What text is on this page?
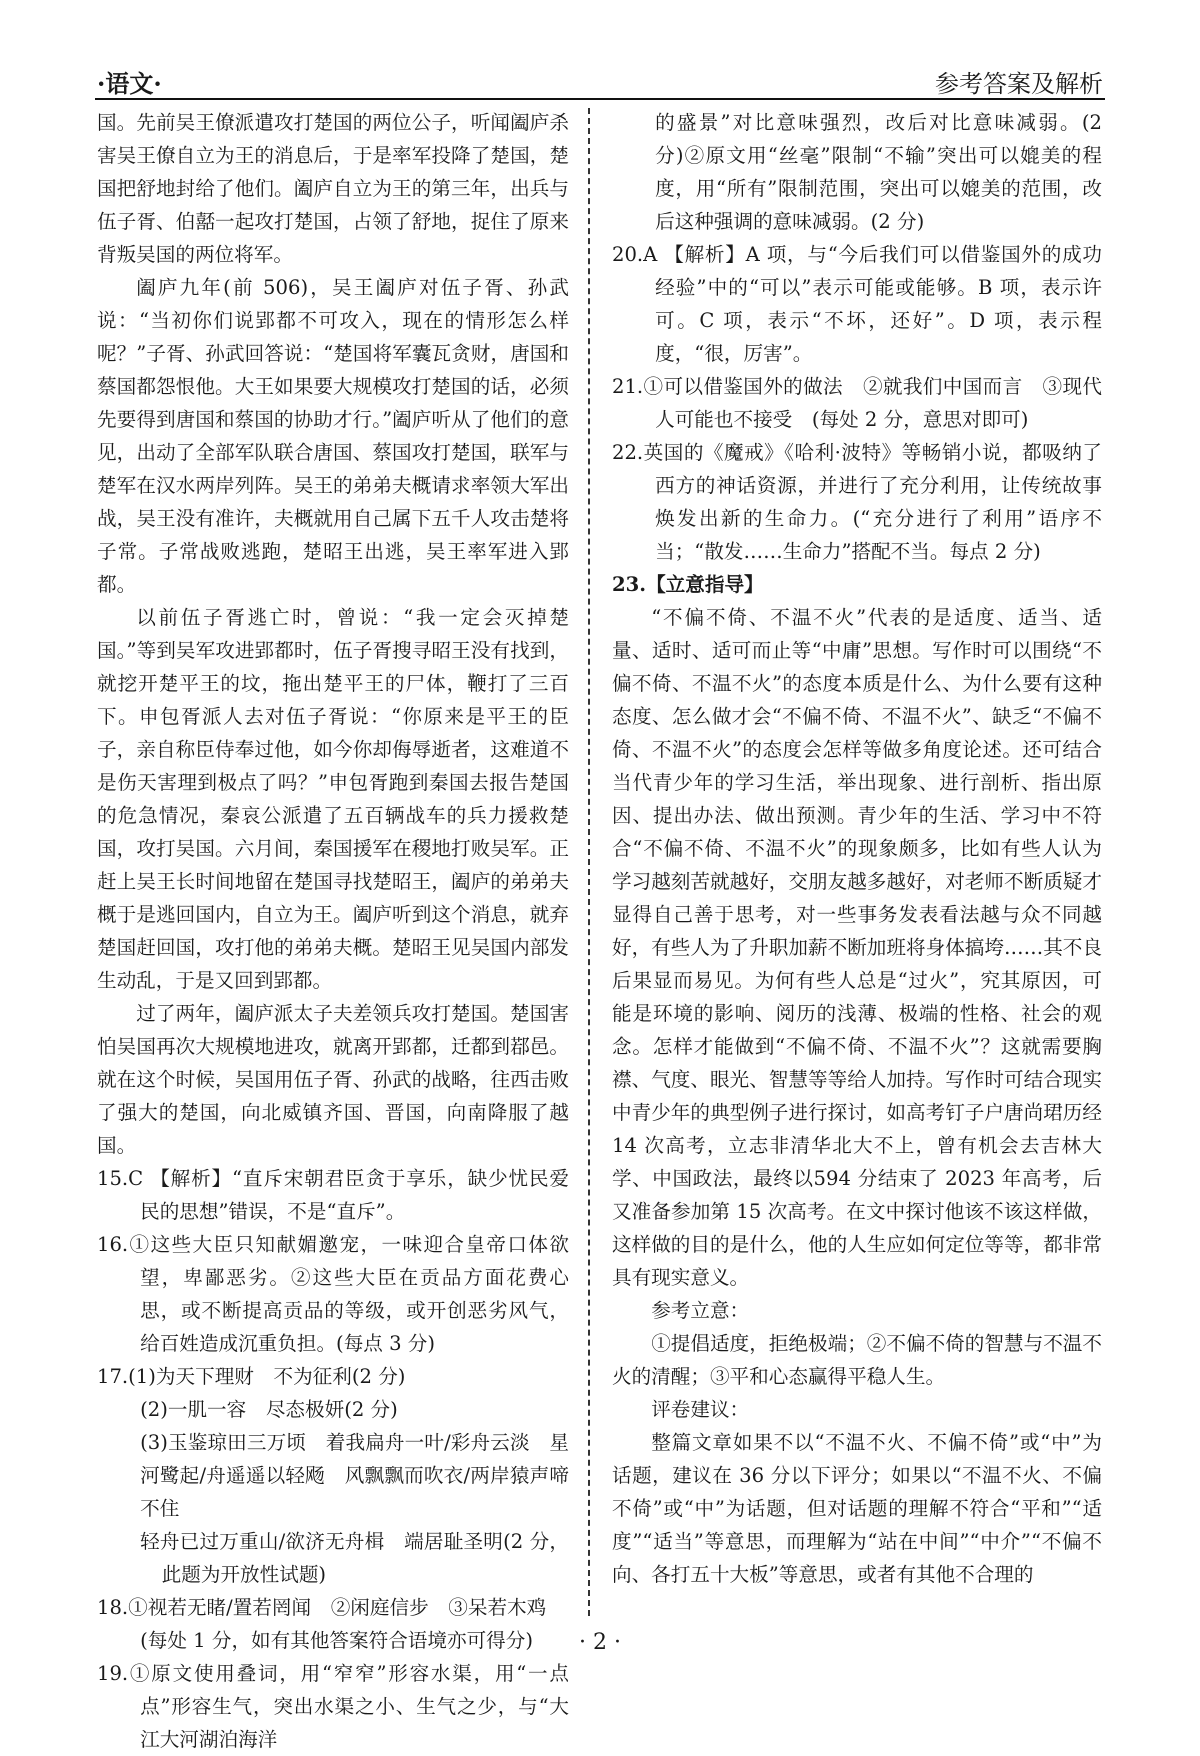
·语文·	参考答案及解析

国。先前吴王僚派遣攻打楚国的两位公子，听闻阖庐杀害吴王僚自立为王的消息后，于是率军投降了楚国，楚国把舒地封给了他们。阖庐自立为王的第三年，出兵与伍子胥、伯嚭一起攻打楚国，占领了舒地，捉住了原来背叛吴国的两位将军。

阖庐九年(前 506)，吴王阖庐对伍子胥、孙武说：“当初你们说郢都不可攻入，现在的情形怎么样呢？”子胥、孙武回答说：“楚国将军囊瓦贪财，唐国和蔡国都怨恨他。大王如果要大规模攻打楚国的话，必须先要得到唐国和蔡国的协助才行。”阖庐听从了他们的意见，出动了全部军队联合唐国、蔡国攻打楚国，联军与楚军在汉水两岸列阵。吴王的弟弟夫概请求率领大军出战，吴王没有准许，夫概就用自己属下五千人攻击楚将子常。子常战败逃跑，楚昭王出逃，吴王率军进入郢都。

以前伍子胥逃亡时，曾说：“我一定会灭掉楚国。”等到吴军攻进郢都时，伍子胥搜寻昭王没有找到，就挖开楚平王的坟，拖出楚平王的尸体，鞭打了三百下。申包胥派人去对伍子胥说：“你原来是平王的臣子，亲自称臣侍奉过他，如今你却侮辱逝者，这难道不是伤天害理到极点了吗？”申包胥跑到秦国去报告楚国的危急情况，秦哀公派遣了五百辆战车的兵力援救楚国，攻打吴国。六月间，秦国援军在稷地打败吴军。正赶上吴王长时间地留在楚国寻找楚昭王，阖庐的弟弟夫概于是逃回国内，自立为王。阖庐听到这个消息，就弃楚国赶回国，攻打他的弟弟夫概。楚昭王见吴国内部发生动乱，于是又回到郢都。

过了两年，阖庐派太子夫差领兵攻打楚国。楚国害怕吴国再次大规模地进攻，就离开郢都，迁都到鄀邑。就在这个时候，吴国用伍子胥、孙武的战略，往西击败了强大的楚国，向北威镇齐国、晋国，向南降服了越国。

15.C 【解析】“直斥宋朝君臣贪于享乐，缺少忧民爱民的思想”错误，不是“直斥”。

16.①这些大臣只知献媚邀宠，一味迎合皇帝口体欲望，卑鄙恶劣。②这些大臣在贡品方面花费心思，或不断提高贡品的等级，或开创恶劣风气，给百姓造成沉重负担。(每点 3 分)

17.(1)为天下理财　不为征利(2 分)

(2)一肌一容　尽态极妍(2 分)

(3)玉鉴琼田三万顷　着我扁舟一叶/彩舟云淡　星河鹭起/舟遥遥以轻飏　风飘飘而吹衣/两岸猿声啼不住

轻舟已过万重山/欲济无舟楫　端居耻圣明(2 分，此题为开放性试题)

18.①视若无睹/置若罔闻　②闲庭信步　③呆若木鸡

(每处 1 分，如有其他答案符合语境亦可得分)

19.①原文使用叠词，用“窄窄”形容水渠，用“一点点”形容生气，突出水渠之小、生气之少，与“大江大河湖泊海洋

的盛景”对比意味强烈，改后对比意味减弱。(2 分)②原文用“丝毫”限制“不输”突出可以媲美的程度，用“所有”限制范围，突出可以媲美的范围，改后这种强调的意味减弱。(2 分)

20.A 【解析】A 项，与“今后我们可以借鉴国外的成功经验”中的“可以”表示可能或能够。B 项，表示许可。C 项，表示“不坏，还好”。D 项，表示程度，“很，厉害”。

21.①可以借鉴国外的做法　②就我们中国而言　③现代人可能也不接受　(每处 2 分，意思对即可)

22.英国的《魔戒》《哈利·波特》等畅销小说，都吸纳了西方的神话资源，并进行了充分利用，让传统故事焕发出新的生命力。(“充分进行了利用”语序不当；“散发……生命力”搭配不当。每点 2 分)

23.【立意指导】

“不偏不倚、不温不火”代表的是适度、适当、适量、适时、适可而止等“中庸”思想。写作时可以围绕“不偏不倚、不温不火”的态度本质是什么、为什么要有这种态度、怎么做才会“不偏不倚、不温不火”、缺乏“不偏不倚、不温不火”的态度会怎样等做多角度论述。还可结合当代青少年的学习生活，举出现象、进行剖析、指出原因、提出办法、做出预测。青少年的生活、学习中不符合“不偏不倚、不温不火”的现象颇多，比如有些人认为学习越刻苦就越好，交朋友越多越好，对老师不断质疑才显得自己善于思考，对一些事务发表看法越与众不同越好，有些人为了升职加薪不断加班将身体搞垮……其不良后果显而易见。为何有些人总是“过火”，究其原因，可能是环境的影响、阅历的浅薄、极端的性格、社会的观念。怎样才能做到“不偏不倚、不温不火”？这就需要胸襟、气度、眼光、智慧等等给人加持。写作时可结合现实中青少年的典型例子进行探讨，如高考钉子户唐尚珺历经 14 次高考，立志非清华北大不上，曾有机会去吉林大学、中国政法，最终以594 分结束了 2023 年高考，后又准备参加第 15 次高考。在文中探讨他该不该这样做，这样做的目的是什么，他的人生应如何定位等等，都非常具有现实意义。

参考立意：

①提倡适度，拒绝极端；②不偏不倚的智慧与不温不火的清醒；③平和心态赢得平稳人生。

评卷建议：

整篇文章如果不以“不温不火、不偏不倚”或“中”为话题，建议在 36 分以下评分；如果以“不温不火、不偏不倚”或“中”为话题，但对话题的理解不符合“平和”“适度”“适当”等意思，而理解为“站在中间”“中介”“不偏不向、各打五十大板”等意思，或者有其他不合理的

· 2 ·
